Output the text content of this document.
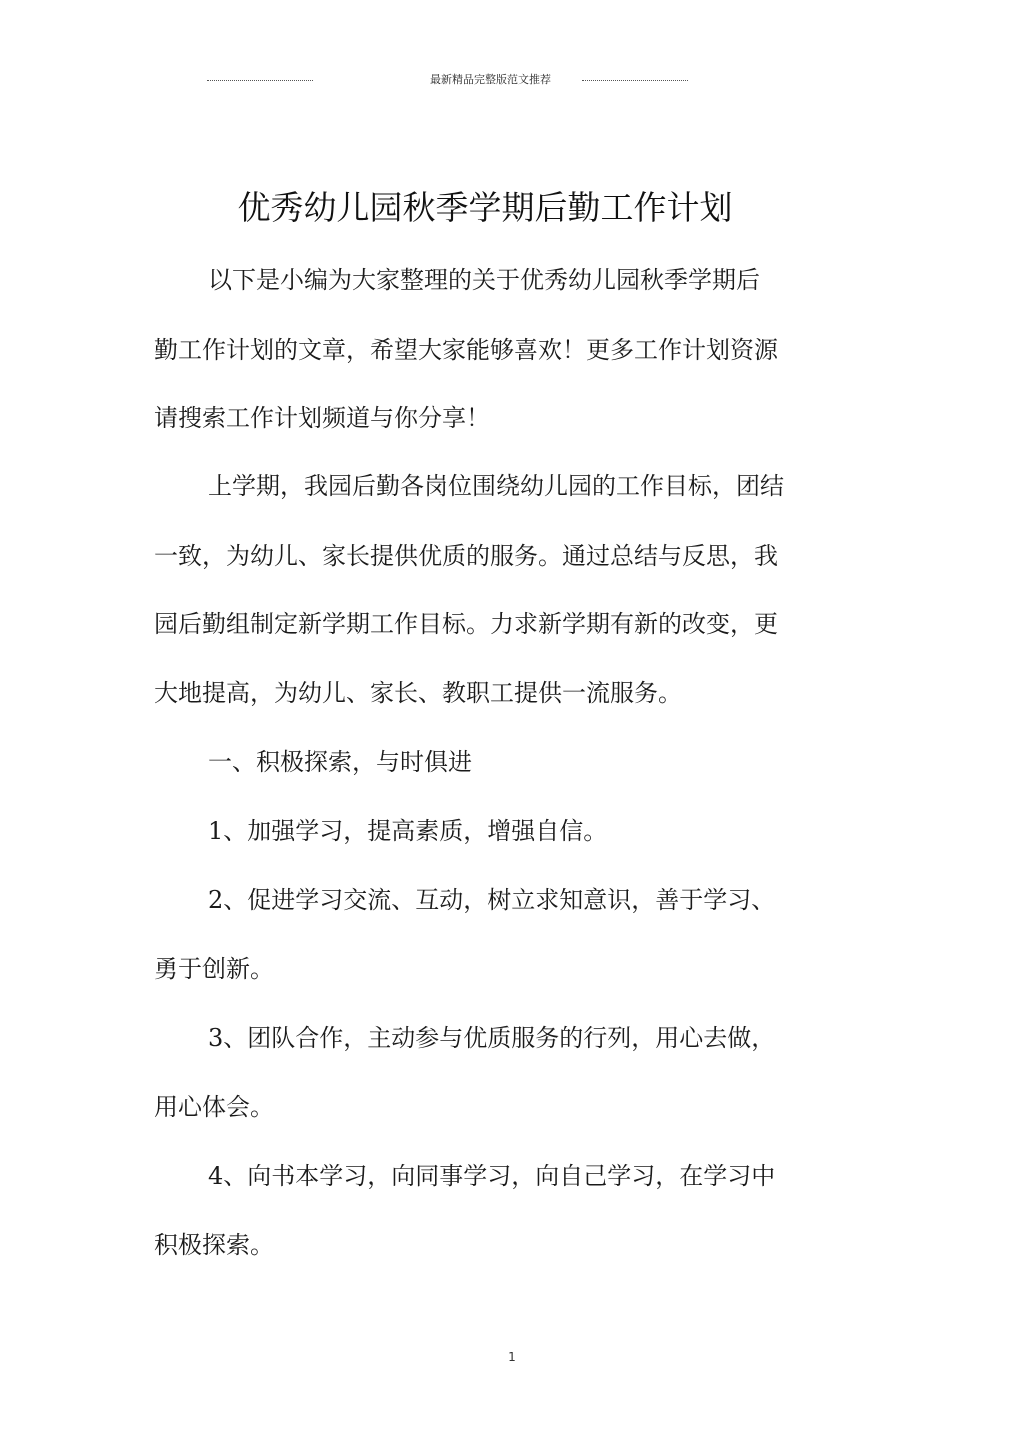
最新精品完整版范文推荐
优秀幼儿园秋季学期后勤工作计划
以下是小编为大家整理的关于优秀幼儿园秋季学期后
勤工作计划的文章，希望大家能够喜欢！更多工作计划资源
请搜索工作计划频道与你分享！
上学期，我园后勤各岗位围绕幼儿园的工作目标，团结
一致，为幼儿、家长提供优质的服务。通过总结与反思，我
园后勤组制定新学期工作目标。力求新学期有新的改变，更
大地提高，为幼儿、家长、教职工提供一流服务。
一、积极探索，与时俱进
1、加强学习，提高素质，增强自信。
2、促进学习交流、互动，树立求知意识，善于学习、
勇于创新。
3、团队合作，主动参与优质服务的行列，用心去做，
用心体会。
4、向书本学习，向同事学习，向自己学习，在学习中
积极探索。
1
